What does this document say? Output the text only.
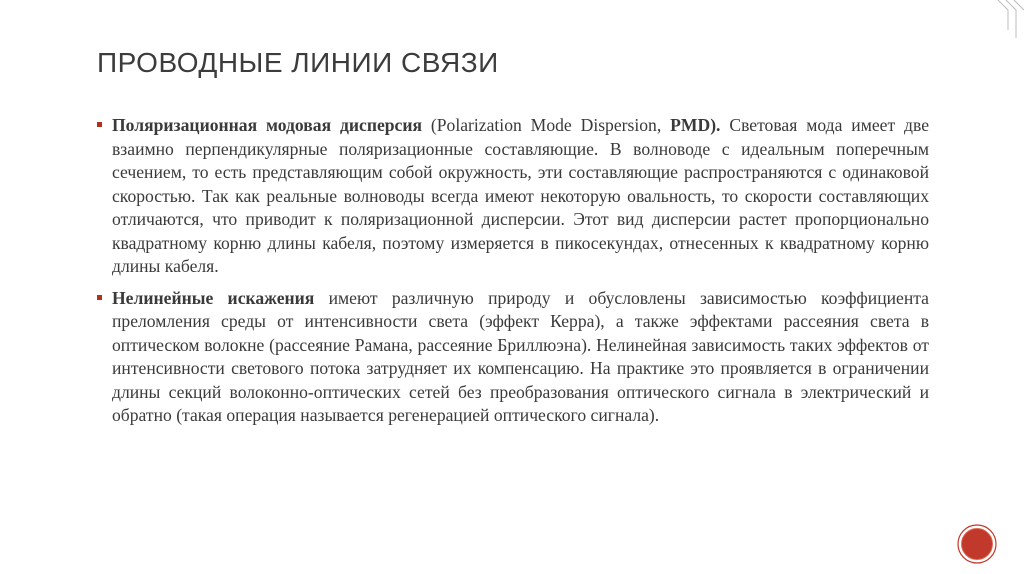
ПРОВОДНЫЕ ЛИНИИ СВЯЗИ
Поляризационная модовая дисперсия (Polarization Mode Dispersion, PMD). Световая мода имеет две взаимно перпендикулярные поляризационные составляющие. В волноводе с идеальным поперечным сечением, то есть представляющим собой окружность, эти составляющие распространяются с одинаковой скоростью. Так как реальные волноводы всегда имеют некоторую овальность, то скорости составляющих отличаются, что приводит к поляризационной дисперсии. Этот вид дисперсии растет пропорционально квадратному корню длины кабеля, поэтому измеряется в пикосекундах, отнесенных к квадратному корню длины кабеля.
Нелинейные искажения имеют различную природу и обусловлены зависимостью коэффициента преломления среды от интенсивности света (эффект Керра), а также эффектами рассеяния света в оптическом волокне (рассеяние Рамана, рассеяние Бриллюэна). Нелинейная зависимость таких эффектов от интенсивности светового потока затрудняет их компенсацию. На практике это проявляется в ограничении длины секций волоконно-оптических сетей без преобразования оптического сигнала в электрический и обратно (такая операция называется регенерацией оптического сигнала).
